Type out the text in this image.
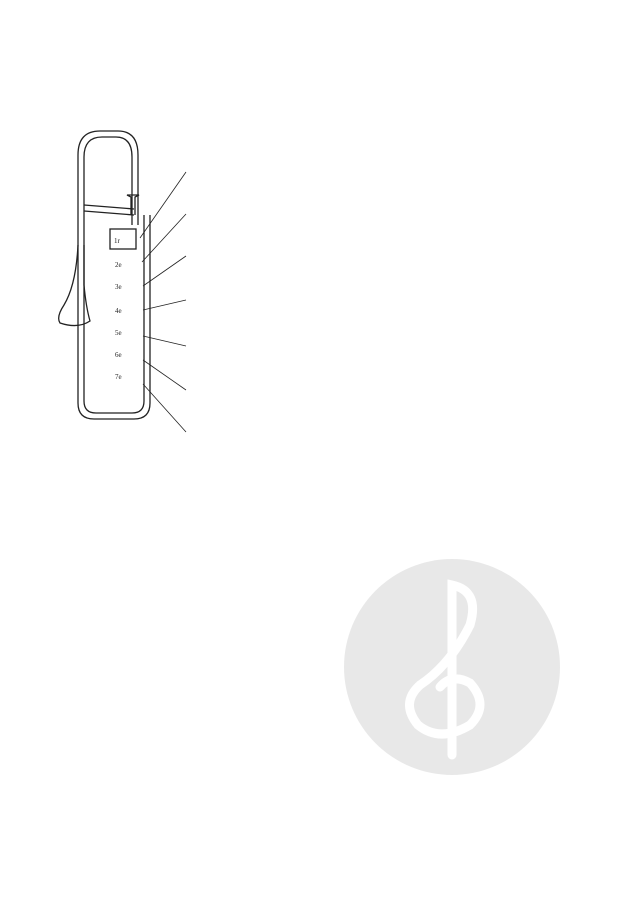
1r
2e
3e
4e
5e
6e
7e
